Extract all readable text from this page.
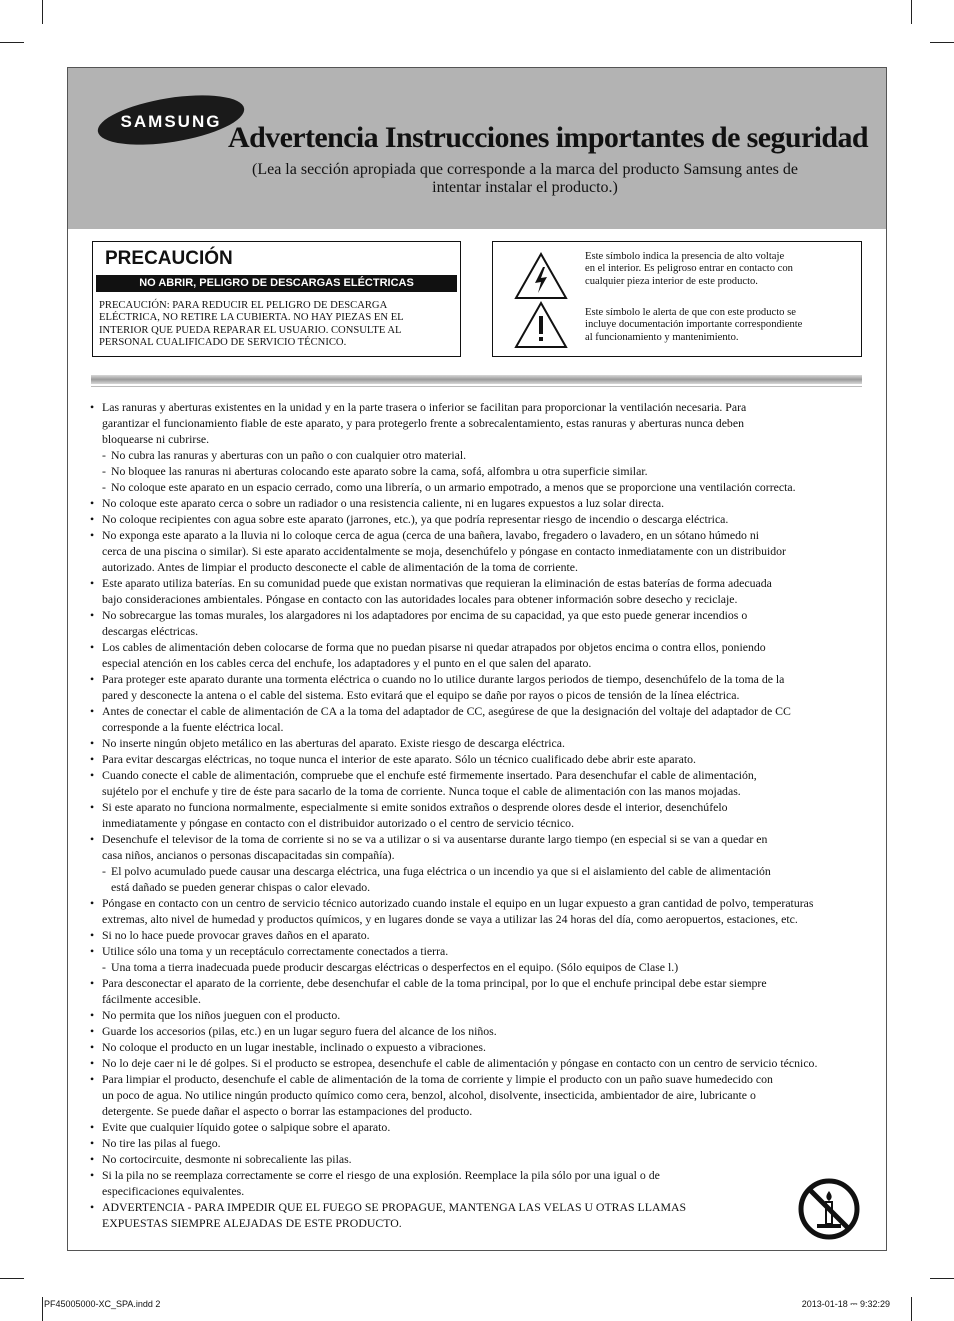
SAMSUNG Advertencia Instrucciones importantes de seguridad
(Lea la sección apropiada que corresponde a la marca del producto Samsung antes de
intentar instalar el producto.)
PRECAUCIÓN
NO ABRIR, PELIGRO DE DESCARGAS ELÉCTRICAS
PRECAUCIÓN: PARA REDUCIR EL PELIGRO DE DESCARGA
ELÉCTRICA, NO RETIRE LA CUBIERTA. NO HAY PIEZAS EN EL
INTERIOR QUE PUEDA REPARAR EL USUARIO. CONSULTE AL
PERSONAL CUALIFICADO DE SERVICIO TÉCNICO.
Este símbolo indica la presencia de alto voltaje
en el interior. Es peligroso entrar en contacto con
cualquier pieza interior de este producto.
Este símbolo le alerta de que con este producto se
incluye documentación importante correspondiente
al funcionamiento y mantenimiento.
• Las ranuras y aberturas existentes en la unidad y en la parte trasera o inferior se facilitan para proporcionar la ventilación necesaria. Para
garantizar el funcionamiento fiable de este aparato, y para protegerlo frente a sobrecalentamiento, estas ranuras y aberturas nunca deben
bloquearse ni cubrirse.
- No cubra las ranuras y aberturas con un paño o con cualquier otro material.
- No bloquee las ranuras ni aberturas colocando este aparato sobre la cama, sofá, alfombra u otra superficie similar.
- No coloque este aparato en un espacio cerrado, como una librería, o un armario empotrado, a menos que se proporcione una ventilación correcta.
• No coloque este aparato cerca o sobre un radiador o una resistencia caliente, ni en lugares expuestos a luz solar directa.
• No coloque recipientes con agua sobre este aparato (jarrones, etc.), ya que podría representar riesgo de incendio o descarga eléctrica.
• No exponga este aparato a la lluvia ni lo coloque cerca de agua (cerca de una bañera, lavabo, fregadero o lavadero, en un sótano húmedo ni
cerca de una piscina o similar). Si este aparato accidentalmente se moja, desenchúfelo y póngase en contacto inmediatamente con un distribuidor
autorizado. Antes de limpiar el producto desconecte el cable de alimentación de la toma de corriente.
• Este aparato utiliza baterías. En su comunidad puede que existan normativas que requieran la eliminación de estas baterías de forma adecuada
bajo consideraciones ambientales. Póngase en contacto con las autoridades locales para obtener información sobre desecho y reciclaje.
• No sobrecargue las tomas murales, los alargadores ni los adaptadores por encima de su capacidad, ya que esto puede generar incendios o
descargas eléctricas.
• Los cables de alimentación deben colocarse de forma que no puedan pisarse ni quedar atrapados por objetos encima o contra ellos, poniendo
especial atención en los cables cerca del enchufe, los adaptadores y el punto en el que salen del aparato.
• Para proteger este aparato durante una tormenta eléctrica o cuando no lo utilice durante largos periodos de tiempo, desenchúfelo de la toma de la
pared y desconecte la antena o el cable del sistema. Esto evitará que el equipo se dañe por rayos o picos de tensión de la línea eléctrica.
• Antes de conectar el cable de alimentación de CA a la toma del adaptador de CC, asegúrese de que la designación del voltaje del adaptador de CC
corresponde a la fuente eléctrica local.
• No inserte ningún objeto metálico en las aberturas del aparato. Existe riesgo de descarga eléctrica.
• Para evitar descargas eléctricas, no toque nunca el interior de este aparato. Sólo un técnico cualificado debe abrir este aparato.
• Cuando conecte el cable de alimentación, compruebe que el enchufe esté firmemente insertado. Para desenchufar el cable de alimentación,
sujételo por el enchufe y tire de éste para sacarlo de la toma de corriente. Nunca toque el cable de alimentación con las manos mojadas.
• Si este aparato no funciona normalmente, especialmente si emite sonidos extraños o desprende olores desde el interior, desenchúfelo
inmediatamente y póngase en contacto con el distribuidor autorizado o el centro de servicio técnico.
• Desenchufe el televisor de la toma de corriente si no se va a utilizar o si va ausentarse durante largo tiempo (en especial si se van a quedar en
casa niños, ancianos o personas discapacitadas sin compañía).
- El polvo acumulado puede causar una descarga eléctrica, una fuga eléctrica o un incendio ya que si el aislamiento del cable de alimentación
está dañado se pueden generar chispas o calor elevado.
• Póngase en contacto con un centro de servicio técnico autorizado cuando instale el equipo en un lugar expuesto a gran cantidad de polvo, temperaturas
extremas, alto nivel de humedad y productos químicos, y en lugares donde se vaya a utilizar las 24 horas del día, como aeropuertos, estaciones, etc.
• Si no lo hace puede provocar graves daños en el aparato.
• Utilice sólo una toma y un receptáculo correctamente conectados a tierra.
- Una toma a tierra inadecuada puede producir descargas eléctricas o desperfectos en el equipo. (Sólo equipos de Clase l.)
• Para desconectar el aparato de la corriente, debe desenchufar el cable de la toma principal, por lo que el enchufe principal debe estar siempre
fácilmente accesible.
• No permita que los niños jueguen con el producto.
• Guarde los accesorios (pilas, etc.) en un lugar seguro fuera del alcance de los niños.
• No coloque el producto en un lugar inestable, inclinado o expuesto a vibraciones.
• No lo deje caer ni le dé golpes. Si el producto se estropea, desenchufe el cable de alimentación y póngase en contacto con un centro de servicio técnico.
• Para limpiar el producto, desenchufe el cable de alimentación de la toma de corriente y limpie el producto con un paño suave humedecido con
un poco de agua. No utilice ningún producto químico como cera, benzol, alcohol, disolvente, insecticida, ambientador de aire, lubricante o
detergente. Se puede dañar el aspecto o borrar las estampaciones del producto.
• Evite que cualquier líquido gotee o salpique sobre el aparato.
• No tire las pilas al fuego.
• No cortocircuite, desmonte ni sobrecaliente las pilas.
• Si la pila no se reemplaza correctamente se corre el riesgo de una explosión. Reemplace la pila sólo por una igual o de
especificaciones equivalentes.
• ADVERTENCIA - PARA IMPEDIR QUE EL FUEGO SE PROPAGUE, MANTENGA LAS VELAS U OTRAS LLAMAS
EXPUESTAS SIEMPRE ALEJADAS DE ESTE PRODUCTO.
PF45005000-XC_SPA.indd 2	2013-01-18 ⎓ 9:32:29
